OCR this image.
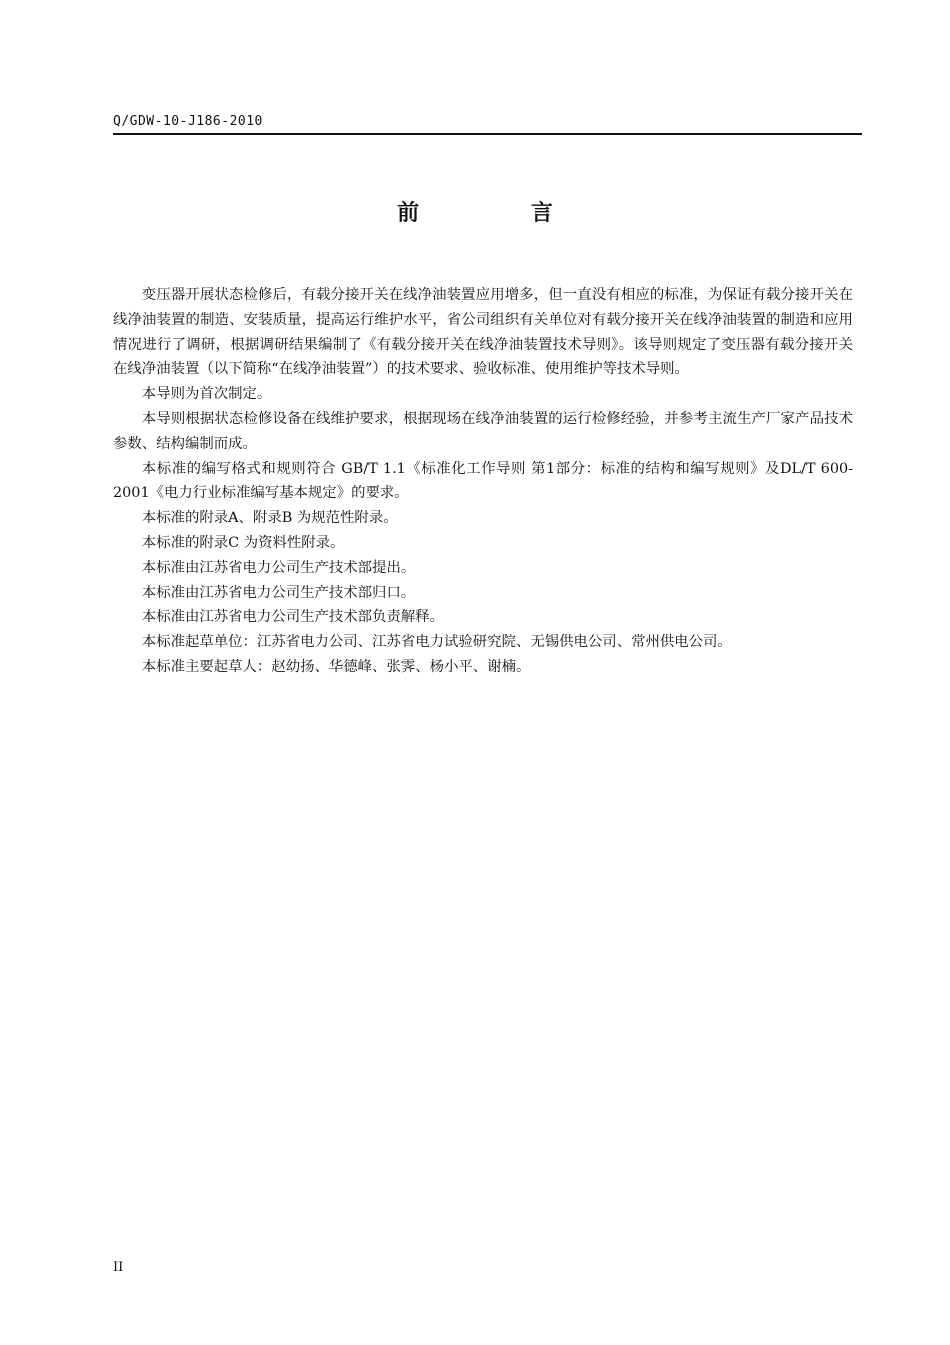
Q/GDW-10-J186-2010
前 言

变压器开展状态检修后，有载分接开关在线净油装置应用增多，但一直没有相应的标准，为保证有载分接开关在线净油装置的制造、安装质量，提高运行维护水平，省公司组织有关单位对有载分接开关在线净油装置的制造和应用情况进行了调研，根据调研结果编制了《有载分接开关在线净油装置技术导则》。该导则规定了变压器有载分接开关在线净油装置（以下简称“在线净油装置”）的技术要求、验收标准、使用维护等技术导则。

本导则为首次制定。

本导则根据状态检修设备在线维护要求，根据现场在线净油装置的运行检修经验，并参考主流生产厂家产品技术参数、结构编制而成。

本标准的编写格式和规则符合 GB/T 1.1《标准化工作导则 第1部分：标准的结构和编写规则》及DL/T 600-2001《电力行业标准编写基本规定》的要求。

本标准的附录A、附录B 为规范性附录。

本标准的附录C 为资料性附录。

本标准由江苏省电力公司生产技术部提出。

本标准由江苏省电力公司生产技术部归口。

本标准由江苏省电力公司生产技术部负责解释。

本标准起草单位：江苏省电力公司、江苏省电力试验研究院、无锡供电公司、常州供电公司。

本标准主要起草人：赵幼扬、华德峰、张霁、杨小平、谢楠。

II
